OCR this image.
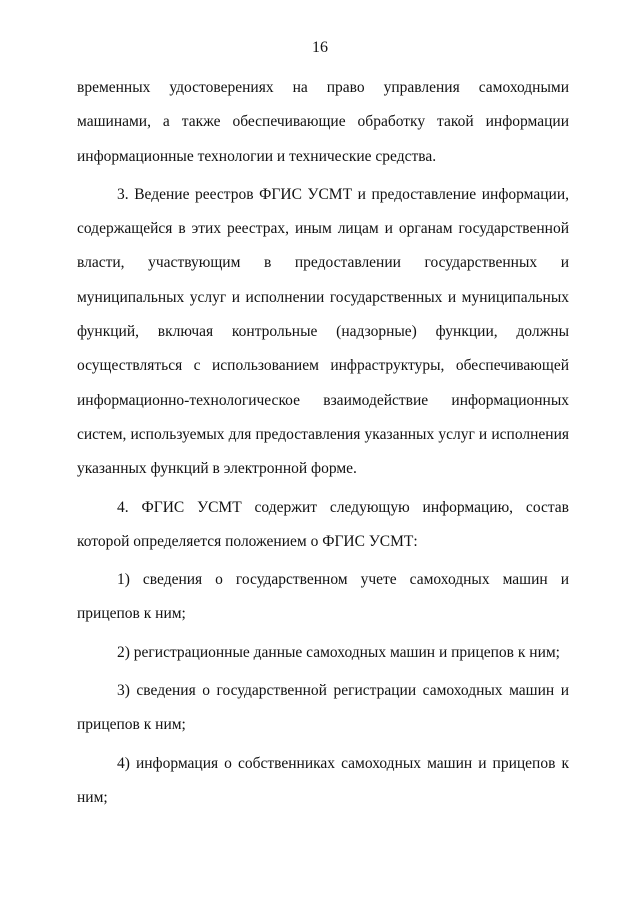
16

временных удостоверениях на право управления самоходными машинами, а также обеспечивающие обработку такой информации информационные технологии и технические средства.

3. Ведение реестров ФГИС УСМТ и предоставление информации, содержащейся в этих реестрах, иным лицам и органам государственной власти, участвующим в предоставлении государственных и муниципальных услуг и исполнении государственных и муниципальных функций, включая контрольные (надзорные) функции, должны осуществляться с использованием инфраструктуры, обеспечивающей информационно-технологическое взаимодействие информационных систем, используемых для предоставления указанных услуг и исполнения указанных функций в электронной форме.

4. ФГИС УСМТ содержит следующую информацию, состав которой определяется положением о ФГИС УСМТ:

1) сведения о государственном учете самоходных машин и прицепов к ним;

2) регистрационные данные самоходных машин и прицепов к ним;

3) сведения о государственной регистрации самоходных машин и прицепов к ним;

4) информация о собственниках самоходных машин и прицепов к ним;
